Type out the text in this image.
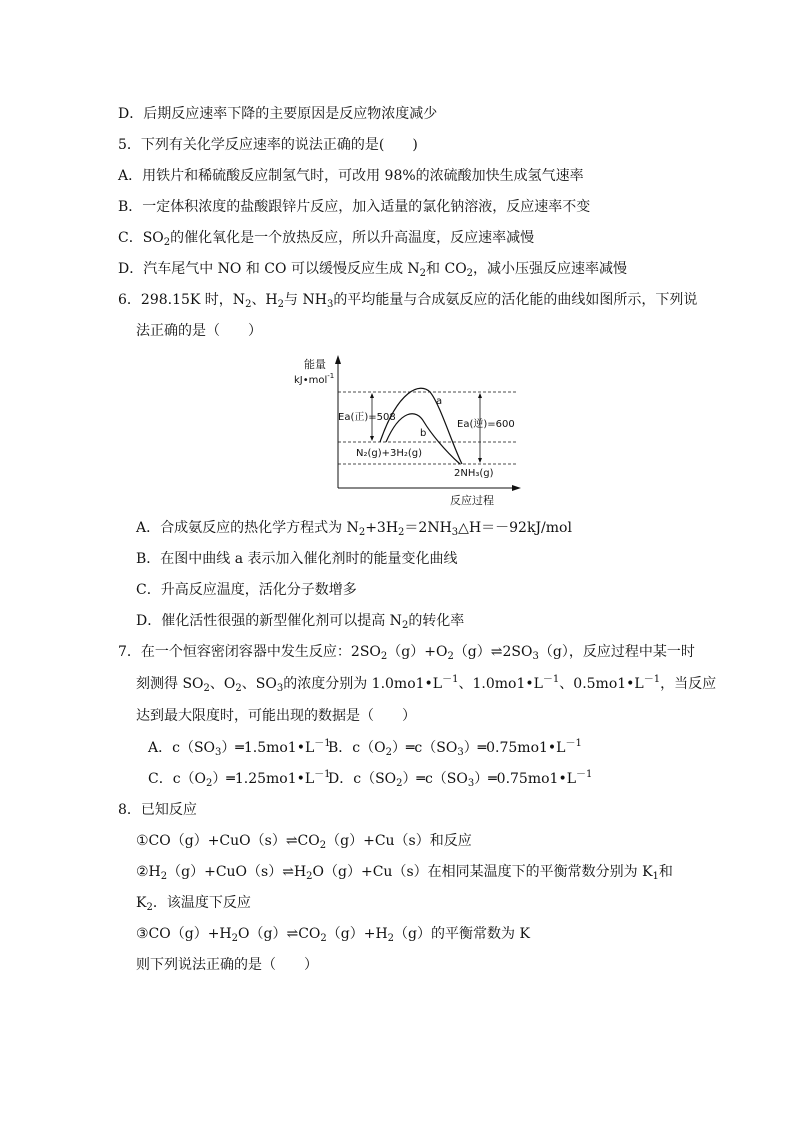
D．后期反应速率下降的主要原因是反应物浓度减少
5．下列有关化学反应速率的说法正确的是(　　)
A．用铁片和稀硫酸反应制氢气时，可改用 98%的浓硫酸加快生成氢气速率
B．一定体积浓度的盐酸跟锌片反应，加入适量的氯化钠溶液，反应速率不变
C．$SO_2$的催化氧化是一个放热反应，所以升高温度，反应速率减慢
D．汽车尾气中 NO 和 CO 可以缓慢反应生成 $N_2$和 $CO_2$，减小压强反应速率减慢
6．298.15K 时，$N_2$、$H_2$与 $NH_3$的平均能量与合成氨反应的活化能的曲线如图所示，下列说
法正确的是（　　）
能量
kJ•mol$^{-1}$
反应过程
Ea(正)=508
Ea(逆)=600
a
b
N₂(g)+3H₂(g)
2NH₃(g)
A．合成氨反应的热化学方程式为 $N_2+3H_2=2NH_3\triangle H=-92kJ$/mol
B．在图中曲线 a 表示加入催化剂时的能量变化曲线
C．升高反应温度，活化分子数增多
D．催化活性很强的新型催化剂可以提高 $N_2$的转化率
7．在一个恒容密闭容器中发生反应：$2SO_2(g)+O_2(g)\rightleftharpoons 2SO_3(g)$，反应过程中某一时
刻测得 $SO_2$、$O_2$、$SO_3$的浓度分别为 $1.0mo1•L^{-1}$、$1.0mo1•L^{-1}$、$0.5mo1•L^{-1}$，当反应
达到最大限度时，可能出现的数据是（　　）
A．$c(SO_3)═1.5mo1•L^{-1}$
B．$c(O_2)═c(SO_3)═0.75mo1•L^{-1}$
C．$c(O_2)═1.25mo1•L^{-1}$
D．$c(SO_2)═c(SO_3)═0.75mo1•L^{-1}$
8．已知反应
$①CO(g)+CuO(s)\rightleftharpoons CO_2(g)+Cu(s)$和反应
$②H_2(g)+CuO(s)\rightleftharpoons H_2O(g)+Cu(s)$在相同某温度下的平衡常数分别为 $K_1$和
$K_2$．该温度下反应
$③CO(g)+H_2O(g)\rightleftharpoons CO_2(g)+H_2(g)$的平衡常数为 K
则下列说法正确的是（　　）
